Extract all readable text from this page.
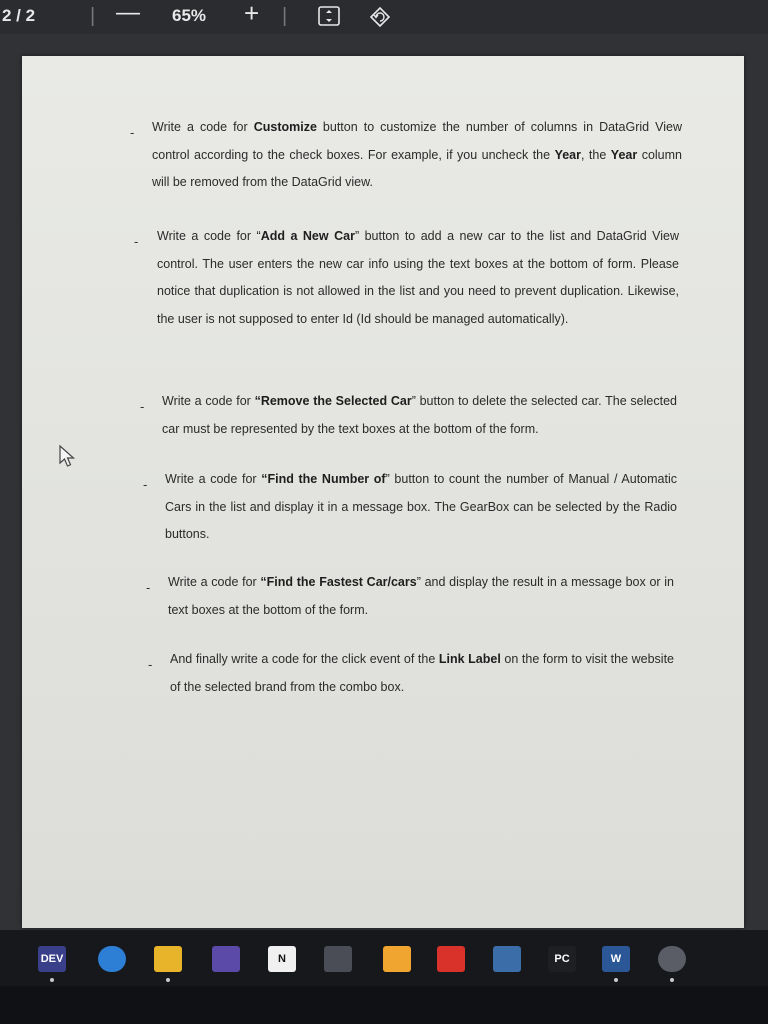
2 / 2	| — 65% + |
- Write a code for Customize button to customize the number of columns in DataGrid View control according to the check boxes. For example, if you uncheck the Year, the Year column will be removed from the DataGrid view.

- Write a code for “Add a New Car” button to add a new car to the list and DataGrid View control. The user enters the new car info using the text boxes at the bottom of form. Please notice that duplication is not allowed in the list and you need to prevent duplication. Likewise, the user is not supposed to enter Id (Id should be managed automatically).

- Write a code for “Remove the Selected Car” button to delete the selected car. The selected car must be represented by the text boxes at the bottom of the form.

- Write a code for “Find the Number of” button to count the number of Manual / Automatic Cars in the list and display it in a message box. The GearBox can be selected by the Radio buttons.

- Write a code for “Find the Fastest Car/cars” and display the result in a message box or in text boxes at the bottom of the form.

- And finally write a code for the click event of the Link Label on the form to visit the website of the selected brand from the combo box.

DEV	N	PC	W
